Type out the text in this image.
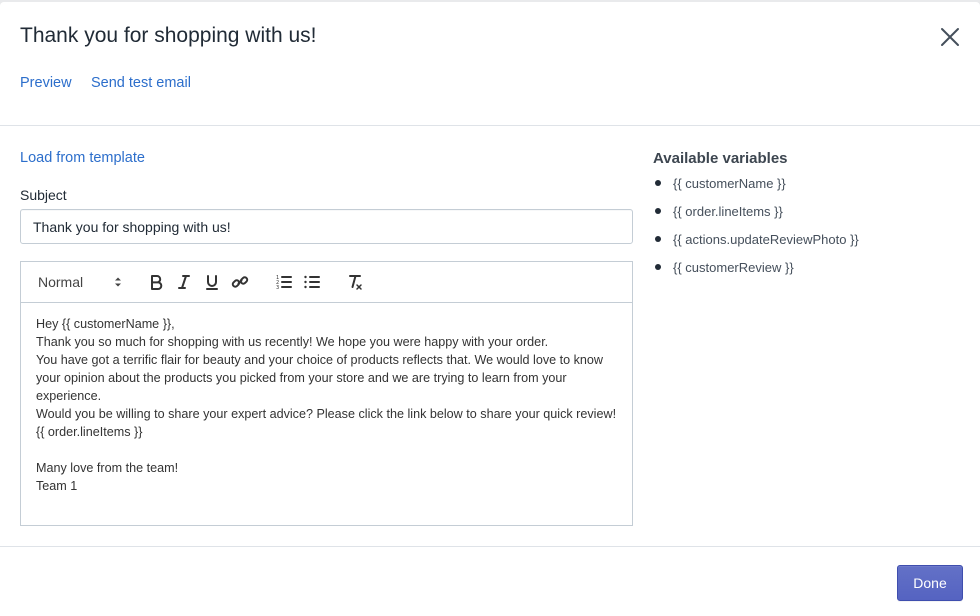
Thank you for shopping with us!
Preview Send test email
Load from template
Subject
Thank you for shopping with us!
Normal	1
2
3
Hey {{ customerName }},
Thank you so much for shopping with us recently! We hope you were happy with your order.
You have got a terrific flair for beauty and your choice of products reflects that. We would love to know your opinion about the products you picked from your store and we are trying to learn from your experience.
Would you be willing to share your expert advice? Please click the link below to share your quick review!
{{ order.lineItems }}
Many love from the team!
Team 1
Available variables
{{ customerName }}
{{ order.lineItems }}
{{ actions.updateReviewPhoto }}
{{ customerReview }}
Done
